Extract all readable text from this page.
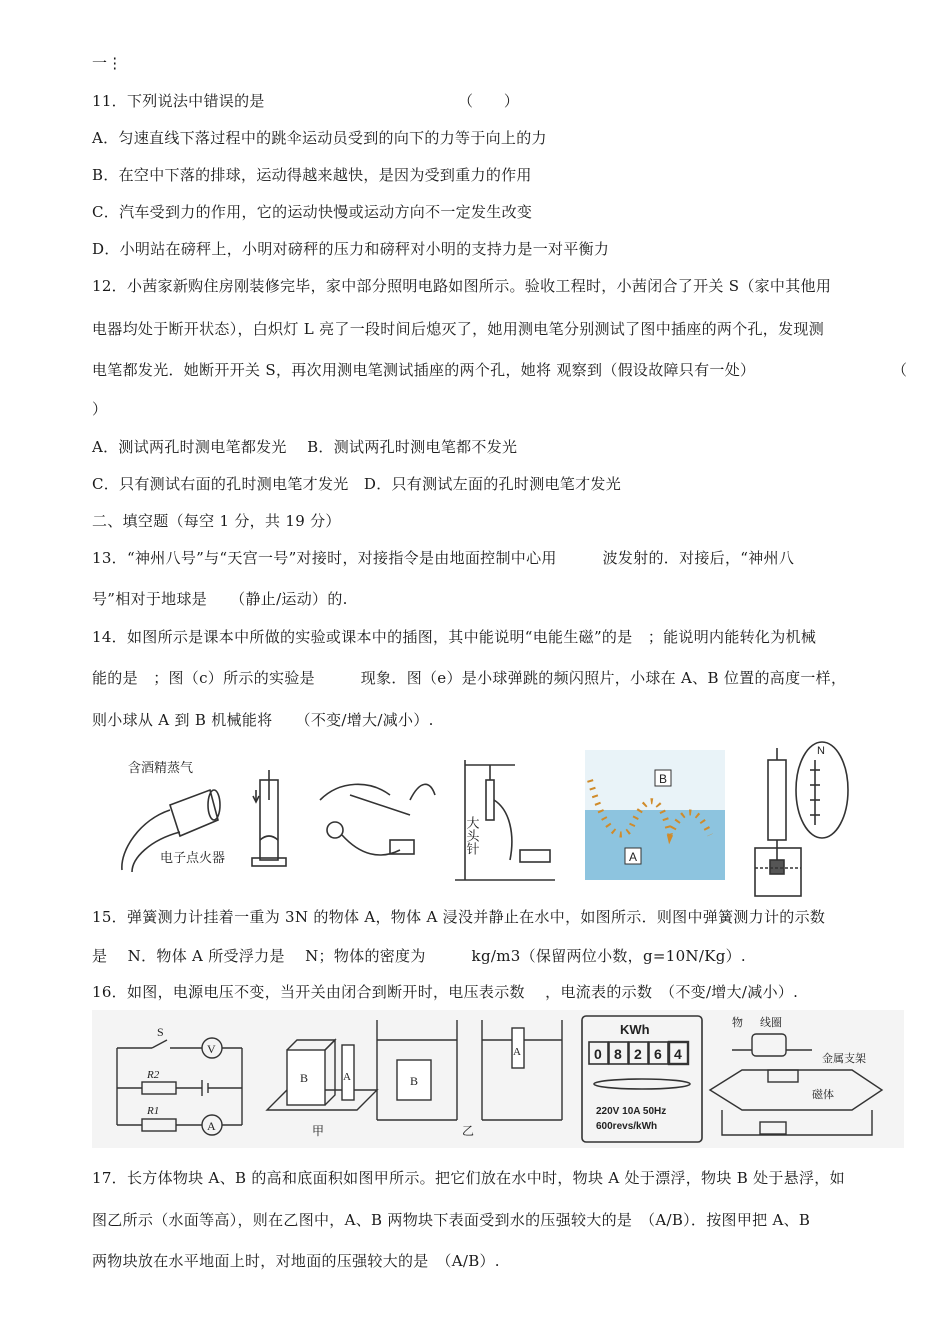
一⋮
11．下列说法中错误的是	（　　）
A．匀速直线下落过程中的跳伞运动员受到的向下的力等于向上的力
B．在空中下落的排球，运动得越来越快，是因为受到重力的作用
C．汽车受到力的作用，它的运动快慢或运动方向不一定发生改变
D．小明站在磅秤上，小明对磅秤的压力和磅秤对小明的支持力是一对平衡力
12．小茜家新购住房刚装修完毕，家中部分照明电路如图所示。验收工程时，小茜闭合了开关 S（家中其他用
电器均处于断开状态），白炽灯 L 亮了一段时间后熄灭了，她用测电笔分别测试了图中插座的两个孔，发现测
电笔都发光．她断开开关 S，再次用测电笔测试插座的两个孔，她将 观察到（假设故障只有一处）	（
）
A．测试两孔时测电笔都发光　 B．测试两孔时测电笔都不发光
C．只有测试右面的孔时测电笔才发光　D．只有测试左面的孔时测电笔才发光
二、填空题（每空 1 分，共 19 分）
13．“神州八号”与“天宫一号”对接时，对接指令是由地面控制中心用　　　波发射的．对接后，“神州八
号”相对于地球是　　（静止/运动）的.
14．如图所示是课本中所做的实验或课本中的插图，其中能说明“电能生磁”的是　；能说明内能转化为机械
能的是　；图（c）所示的实验是　　　现象．图（e）是小球弹跳的频闪照片，小球在 A、B 位置的高度一样，
则小球从 A 到 B 机械能将　　（不变/增大/减小）.
含酒精蒸气
电子点火器
大头针
B
A
N
15．弹簧测力计挂着一重为 3N 的物体 A，物体 A 浸没并静止在水中，如图所示．则图中弹簧测力计的示数
是　 N．物体 A 所受浮力是　 N；物体的密度为　　　kg/m3（保留两位小数，g=10N/Kg）.
16．如图，电源电压不变，当开关由闭合到断开时，电压表示数　 ，电流表的示数　（不变/增大/减小）.
S
V
R2
R1
A
B	A
甲
B
A
乙
KWh
0 8 2 6 4
220V 10A 50Hz
600revs/kWh
物 线圈
金属支架
磁体
17．长方体物块 A、B 的高和底面积如图甲所示。把它们放在水中时，物块 A 处于漂浮，物块 B 处于悬浮，如
图乙所示（水面等高），则在乙图中，A、B 两物块下表面受到水的压强较大的是　（A/B）．按图甲把 A、B
两物块放在水平地面上时，对地面的压强较大的是　（A/B）.
